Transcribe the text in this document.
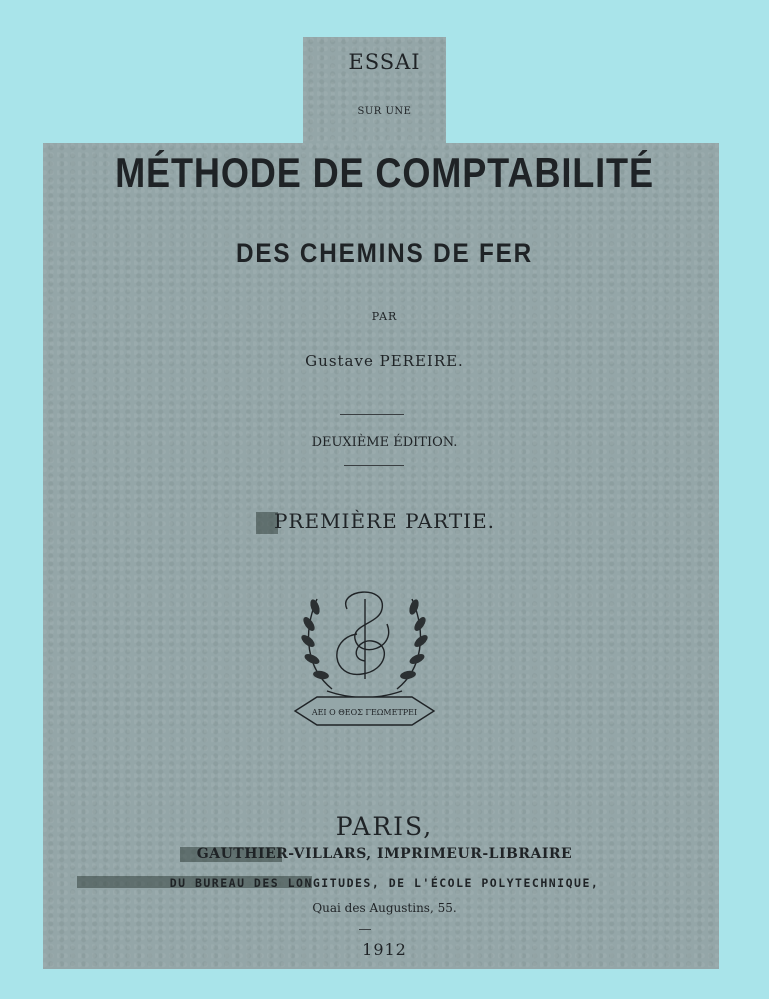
ESSAI
SUR UNE
MÉTHODE DE COMPTABILITÉ
DES CHEMINS DE FER
PAR
Gustave PEREIRE.
DEUXIÈME ÉDITION.
PREMIÈRE PARTIE.
ΑΕΙ Ο ΘΕΟΣ ΓΕΩΜΕΤΡΕΙ
PARIS,
GAUTHIER-VILLARS, IMPRIMEUR-LIBRAIRE
DU BUREAU DES LONGITUDES, DE L'ÉCOLE POLYTECHNIQUE,
Quai des Augustins, 55.
1912
